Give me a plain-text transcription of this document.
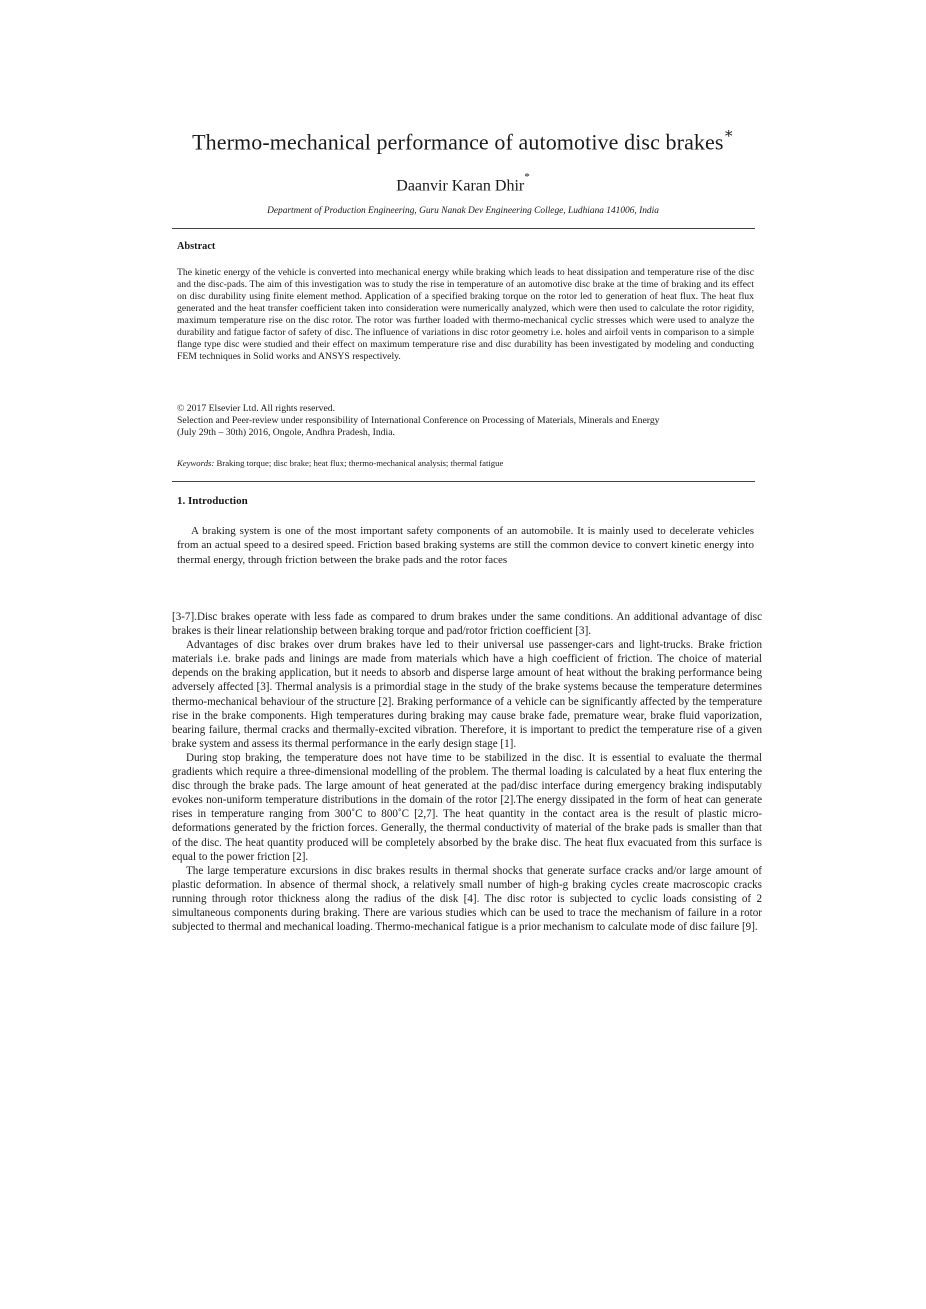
Thermo-mechanical performance of automotive disc brakes∗
Daanvir Karan Dhir*
Department of Production Engineering, Guru Nanak Dev Engineering College, Ludhiana 141006, India
Abstract

The kinetic energy of the vehicle is converted into mechanical energy while braking which leads to heat dissipation and temperature rise of the disc and the disc-pads. The aim of this investigation was to study the rise in temperature of an automotive disc brake at the time of braking and its effect on disc durability using finite element method. Application of a specified braking torque on the rotor led to generation of heat flux. The heat flux generated and the heat transfer coefficient taken into consideration were numerically analyzed, which were then used to calculate the rotor rigidity, maximum temperature rise on the disc rotor. The rotor was further loaded with thermo-mechanical cyclic stresses which were used to analyze the durability and fatigue factor of safety of disc. The influence of variations in disc rotor geometry i.e. holes and airfoil vents in comparison to a simple flange type disc were studied and their effect on maximum temperature rise and disc durability has been investigated by modeling and conducting FEM techniques in Solid works and ANSYS respectively.

© 2017 Elsevier Ltd. All rights reserved.
Selection and Peer-review under responsibility of International Conference on Processing of Materials, Minerals and Energy
(July 29th – 30th) 2016, Ongole, Andhra Pradesh, India.

Keywords: Braking torque; disc brake; heat flux; thermo-mechanical analysis; thermal fatigue

1. Introduction

A braking system is one of the most important safety components of an automobile. It is mainly used to decelerate vehicles from an actual speed to a desired speed. Friction based braking systems are still the common device to convert kinetic energy into thermal energy, through friction between the brake pads and the rotor faces

[3-7].Disc brakes operate with less fade as compared to drum brakes under the same conditions. An additional advantage of disc brakes is their linear relationship between braking torque and pad/rotor friction coefficient [3].

Advantages of disc brakes over drum brakes have led to their universal use passenger-cars and light-trucks. Brake friction materials i.e. brake pads and linings are made from materials which have a high coefficient of friction. The choice of material depends on the braking application, but it needs to absorb and disperse large amount of heat without the braking performance being adversely affected [3]. Thermal analysis is a primordial stage in the study of the brake systems because the temperature determines thermo-mechanical behaviour of the structure [2]. Braking performance of a vehicle can be significantly affected by the temperature rise in the brake components. High temperatures during braking may cause brake fade, premature wear, brake fluid vaporization, bearing failure, thermal cracks and thermally-excited vibration. Therefore, it is important to predict the temperature rise of a given brake system and assess its thermal performance in the early design stage [1].

During stop braking, the temperature does not have time to be stabilized in the disc. It is essential to evaluate the thermal gradients which require a three-dimensional modelling of the problem. The thermal loading is calculated by a heat flux entering the disc through the brake pads. The large amount of heat generated at the pad/disc interface during emergency braking indisputably evokes non-uniform temperature distributions in the domain of the rotor [2].The energy dissipated in the form of heat can generate rises in temperature ranging from 300˚C to 800˚C [2,7]. The heat quantity in the contact area is the result of plastic micro-deformations generated by the friction forces. Generally, the thermal conductivity of material of the brake pads is smaller than that of the disc. The heat quantity produced will be completely absorbed by the brake disc. The heat flux evacuated from this surface is equal to the power friction [2].

The large temperature excursions in disc brakes results in thermal shocks that generate surface cracks and/or large amount of plastic deformation. In absence of thermal shock, a relatively small number of high-g braking cycles create macroscopic cracks running through rotor thickness along the radius of the disk [4]. The disc rotor is subjected to cyclic loads consisting of 2 simultaneous components during braking. There are various studies which can be used to trace the mechanism of failure in a rotor subjected to thermal and mechanical loading. Thermo-mechanical fatigue is a prior mechanism to calculate mode of disc failure [9].
